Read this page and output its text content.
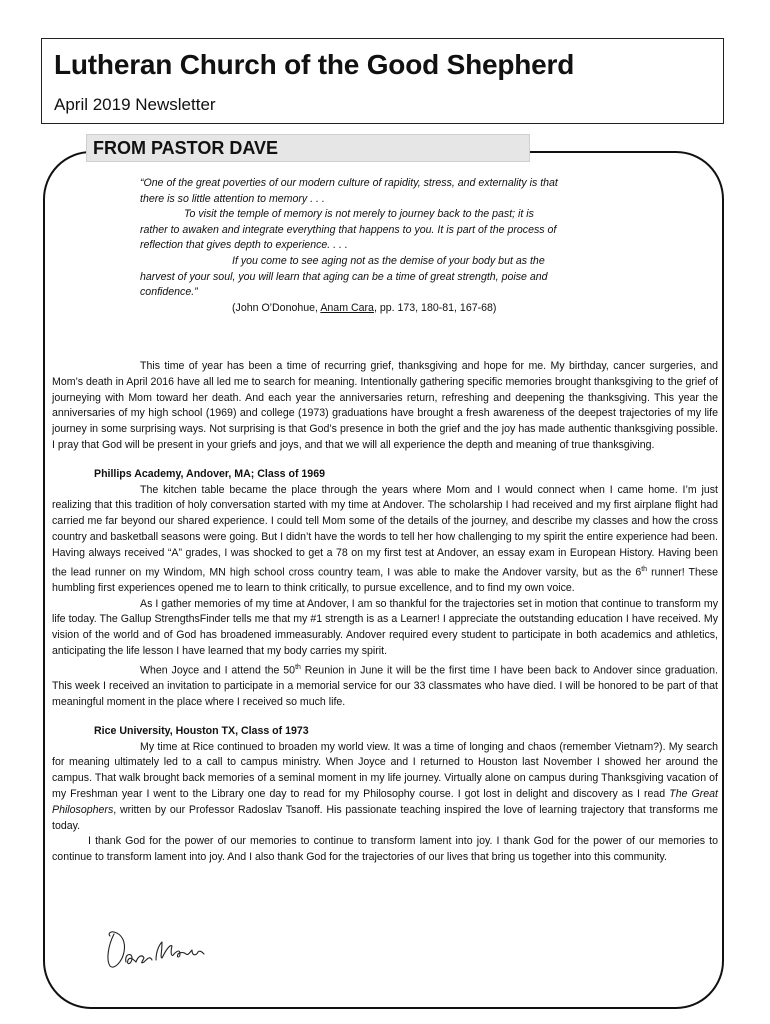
Lutheran Church of the Good Shepherd
April 2019 Newsletter
FROM PASTOR DAVE

“One of the great poverties of our modern culture of rapidity, stress, and externality is that there is so little attention to memory . . .

To visit the temple of memory is not merely to journey back to the past; it is rather to awaken and integrate everything that happens to you. It is part of the process of reflection that gives depth to experience. . . .

If you come to see aging not as the demise of your body but as the harvest of your soul, you will learn that aging can be a time of great strength, poise and confidence.”

(John O’Donohue, Anam Cara, pp. 173, 180-81, 167-68)

This time of year has been a time of recurring grief, thanksgiving and hope for me. My birthday, cancer surgeries, and Mom’s death in April 2016 have all led me to search for meaning. Intentionally gathering specific memories brought thanksgiving to the grief of journeying with Mom toward her death. And each year the anniversaries return, refreshing and deepening the thanksgiving. This year the anniversaries of my high school (1969) and college (1973) graduations have brought a fresh awareness of the deepest trajectories of my life journey in some surprising ways. Not surprising is that God’s presence in both the grief and the joy has made authentic thanksgiving possible. I pray that God will be present in your griefs and joys, and that we will all experience the depth and meaning of true thanksgiving.

Phillips Academy, Andover, MA; Class of 1969

The kitchen table became the place through the years where Mom and I would connect when I came home. I’m just realizing that this tradition of holy conversation started with my time at Andover. The scholarship I had received and my first airplane flight had carried me far beyond our shared experience. I could tell Mom some of the details of the journey, and describe my classes and how the cross country and basketball seasons were going. But I didn’t have the words to tell her how challenging to my spirit the entire experience had been. Having always received “A” grades, I was shocked to get a 78 on my first test at Andover, an essay exam in European History. Having been the lead runner on my Windom, MN high school cross country team, I was able to make the Andover varsity, but as the 6th runner! These humbling first experiences opened me to learn to think critically, to pursue excellence, and to find my own voice.

As I gather memories of my time at Andover, I am so thankful for the trajectories set in motion that continue to transform my life today. The Gallup StrengthsFinder tells me that my #1 strength is as a Learner! I appreciate the outstanding education I have received. My vision of the world and of God has broadened immeasurably. Andover required every student to participate in both academics and athletics, anticipating the life lesson I have learned that my body carries my spirit.

When Joyce and I attend the 50th Reunion in June it will be the first time I have been back to Andover since graduation. This week I received an invitation to participate in a memorial service for our 33 classmates who have died. I will be honored to be part of that meaningful moment in the place where I received so much life.

Rice University, Houston TX, Class of 1973

My time at Rice continued to broaden my world view. It was a time of longing and chaos (remember Vietnam?). My search for meaning ultimately led to a call to campus ministry. When Joyce and I returned to Houston last November I showed her around the campus. That walk brought back memories of a seminal moment in my life journey. Virtually alone on campus during Thanksgiving vacation of my Freshman year I went to the Library one day to read for my Philosophy course. I got lost in delight and discovery as I read The Great Philosophers, written by our Professor Radoslav Tsanoff. His passionate teaching inspired the love of learning trajectory that transforms me today.

I thank God for the power of our memories to continue to transform lament into joy. I thank God for the power of our memories to continue to transform lament into joy. And I also thank God for the trajectories of our lives that bring us together into this community.
